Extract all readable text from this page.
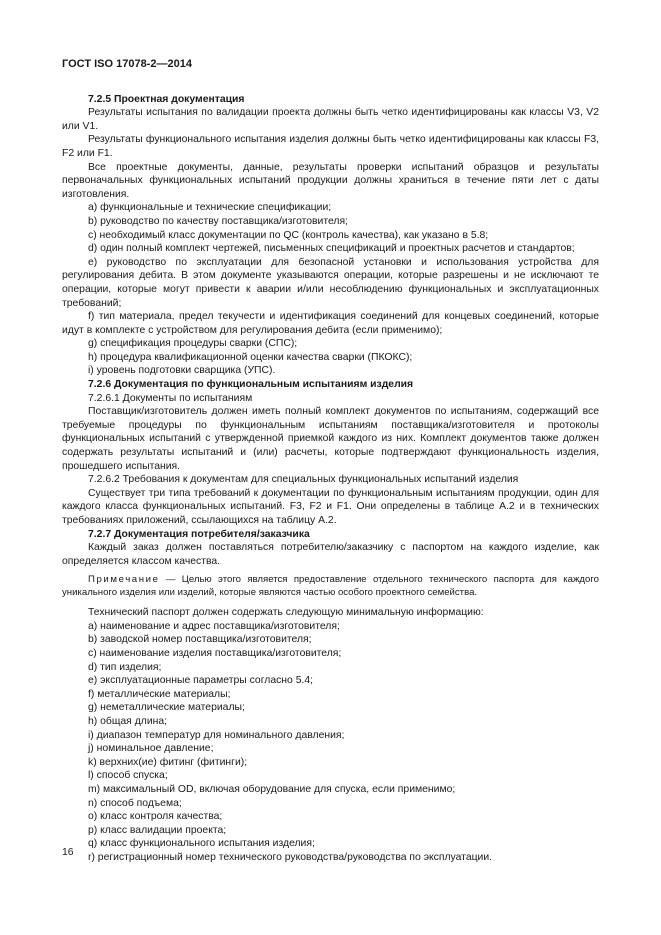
ГОСТ ISO 17078-2—2014

7.2.5 Проектная документация

Результаты испытания по валидации проекта должны быть четко идентифицированы как классы V3, V2 или V1.

Результаты функционального испытания изделия должны быть четко идентифицированы как классы F3, F2 или F1.

Все проектные документы, данные, результаты проверки испытаний образцов и результаты первоначальных функциональных испытаний продукции должны храниться в течение пяти лет с даты изготовления.

a) функциональные и технические спецификации;

b) руководство по качеству поставщика/изготовителя;

c) необходимый класс документации по QC (контроль качества), как указано в 5.8;

d) один полный комплект чертежей, письменных спецификаций и проектных расчетов и стандартов;

e) руководство по эксплуатации для безопасной установки и использования устройства для регулирования дебита. В этом документе указываются операции, которые разрешены и не исключают те операции, которые могут привести к аварии и/или несоблюдению функциональных и эксплуатационных требований;

f) тип материала, предел текучести и идентификация соединений для концевых соединений, которые идут в комплекте с устройством для регулирования дебита (если применимо);

g) спецификация процедуры сварки (СПС);

h) процедура квалификационной оценки качества сварки (ПКОКС);

i) уровень подготовки сварщика (УПС).

7.2.6 Документация по функциональным испытаниям изделия

7.2.6.1 Документы по испытаниям

Поставщик/изготовитель должен иметь полный комплект документов по испытаниям, содержащий все требуемые процедуры по функциональным испытаниям поставщика/изготовителя и протоколы функциональных испытаний с утвержденной приемкой каждого из них. Комплект документов также должен содержать результаты испытаний и (или) расчеты, которые подтверждают функциональность изделия, прошедшего испытания.

7.2.6.2 Требования к документам для специальных функциональных испытаний изделия

Существует три типа требований к документации по функциональным испытаниям продукции, один для каждого класса функциональных испытаний. F3, F2 и F1. Они определены в таблице А.2 и в технических требованиях приложений, ссылающихся на таблицу А.2.

7.2.7 Документация потребителя/заказчика

Каждый заказ должен поставляться потребителю/заказчику с паспортом на каждого изделие, как определяется классом качества.

Примечание — Целью этого является предоставление отдельного технического паспорта для каждого уникального изделия или изделий, которые являются частью особого проектного семейства.

Технический паспорт должен содержать следующую минимальную информацию:

a) наименование и адрес поставщика/изготовителя;

b) заводской номер поставщика/изготовителя;

c) наименование изделия поставщика/изготовителя;

d) тип изделия;

e) эксплуатационные параметры согласно 5.4;

f) металлические материалы;

g) неметаллические материалы;

h) общая длина;

i) диапазон температур для номинального давления;

j) номинальное давление;

k) верхних(ие) фитинг (фитинги);

l) способ спуска;

m) максимальный OD, включая оборудование для спуска, если применимо;

n) способ подъема;

o) класс контроля качества;

p) класс валидации проекта;

q) класс функционального испытания изделия;

r) регистрационный номер технического руководства/руководства по эксплуатации.

16
